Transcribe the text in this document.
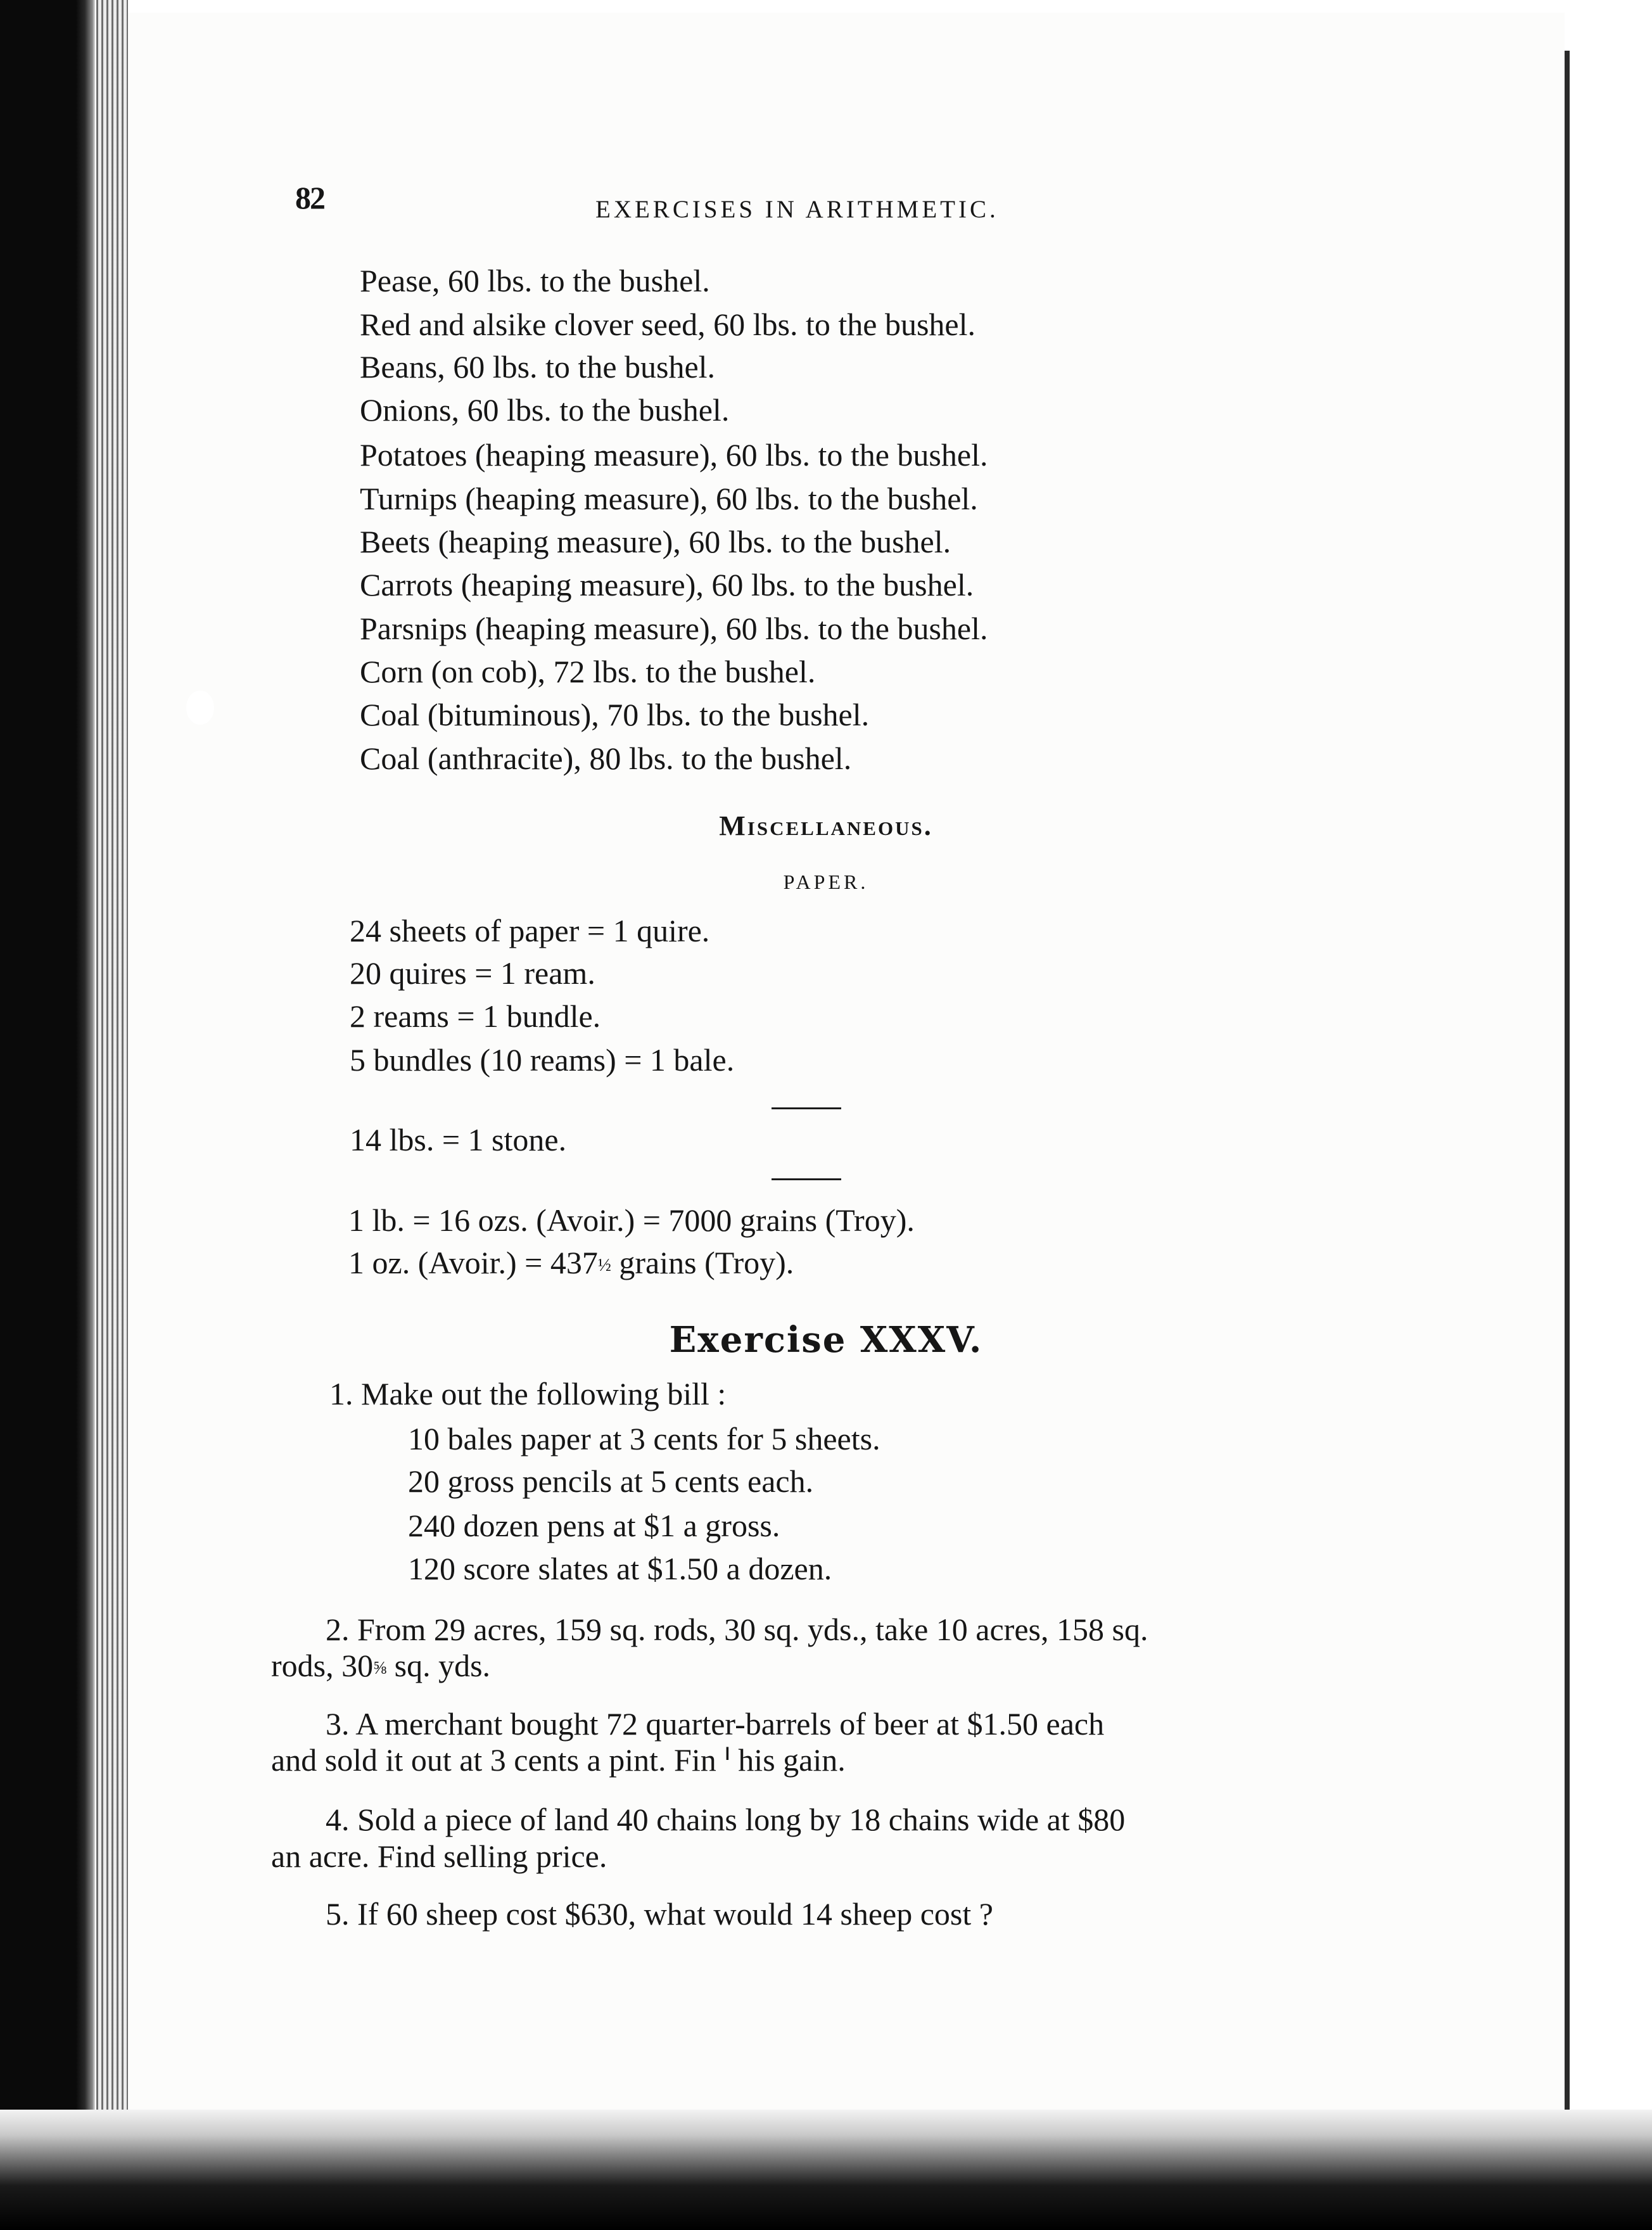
82	EXERCISES IN ARITHMETIC.
Pease, 60 lbs. to the bushel.
Red and alsike clover seed, 60 lbs. to the bushel.
Beans, 60 lbs. to the bushel.
Onions, 60 lbs. to the bushel.
Potatoes (heaping measure), 60 lbs. to the bushel.
Turnips (heaping measure), 60 lbs. to the bushel.
Beets (heaping measure), 60 lbs. to the bushel.
Carrots (heaping measure), 60 lbs. to the bushel.
Parsnips (heaping measure), 60 lbs. to the bushel.
Corn (on cob), 72 lbs. to the bushel.
Coal (bituminous), 70 lbs. to the bushel.
Coal (anthracite), 80 lbs. to the bushel.
Miscellaneous.
PAPER.
24 sheets of paper = 1 quire.
20 quires = 1 ream.
2 reams = 1 bundle.
5 bundles (10 reams) = 1 bale.
14 lbs. = 1 stone.
1 lb. = 16 ozs. (Avoir.) = 7000 grains (Troy).
1 oz. (Avoir.) = 437½ grains (Troy).
Exercise XXXV.
1. Make out the following bill :
10 bales paper at 3 cents for 5 sheets.
20 gross pencils at 5 cents each.
240 dozen pens at $1 a gross.
120 score slates at $1.50 a dozen.
2. From 29 acres, 159 sq. rods, 30 sq. yds., take 10 acres, 158 sq.
rods, 30⅝ sq. yds.
3. A merchant bought 72 quarter-barrels of beer at $1.50 each
and sold it out at 3 cents a pint. Fin ᑊ his gain.
4. Sold a piece of land 40 chains long by 18 chains wide at $80
an acre. Find selling price.
5. If 60 sheep cost $630, what would 14 sheep cost ?
